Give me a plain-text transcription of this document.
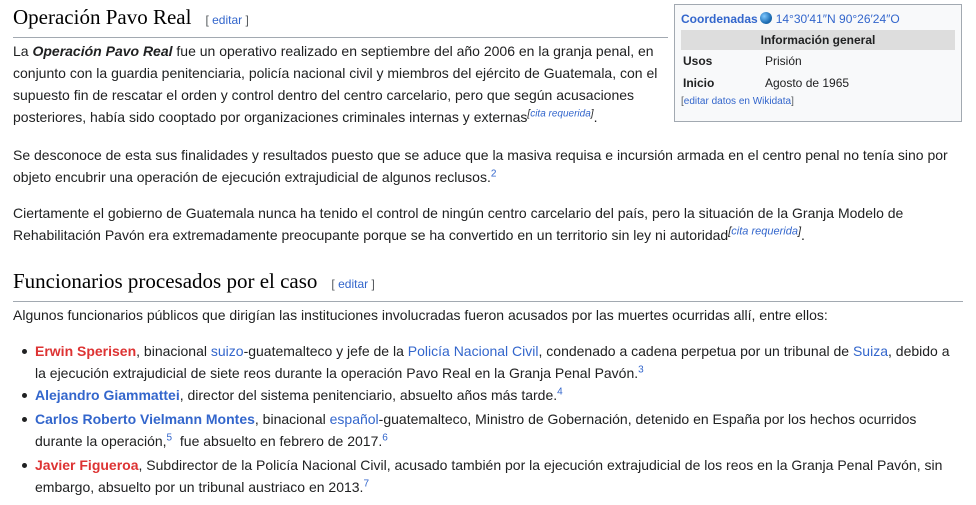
Operación Pavo Real [ editar ]

La Operación Pavo Real fue un operativo realizado en septiembre del año 2006 en la granja penal, en conjunto con la guardia penitenciaria, policía nacional civil y miembros del ejército de Guatemala, con el supuesto fin de rescatar el orden y control dentro del centro carcelario, pero que según acusaciones posteriores, había sido cooptado por organizaciones criminales internas y externas[cita requerida].

Se desconoce de esta sus finalidades y resultados puesto que se aduce que la masiva requisa e incursión armada en el centro penal no tenía sino por objeto encubrir una operación de ejecución extrajudicial de algunos reclusos.$^2$

Ciertamente el gobierno de Guatemala nunca ha tenido el control de ningún centro carcelario del país, pero la situación de la Granja Modelo de Rehabilitación Pavón era extremadamente preocupante porque se ha convertido en un territorio sin ley ni autoridad[cita requerida].

Funcionarios procesados por el caso [ editar ]

Algunos funcionarios públicos que dirigían las instituciones involucradas fueron acusados por las muertes ocurridas allí, entre ellos:

Erwin Sperisen, binacional suizo-guatemalteco y jefe de la Policía Nacional Civil, condenado a cadena perpetua por un tribunal de Suiza, debido a la ejecución extrajudicial de siete reos durante la operación Pavo Real en la Granja Penal Pavón.$^3$
Alejandro Giammattei, director del sistema penitenciario, absuelto años más tarde.$^4$
Carlos Roberto Vielmann Montes, binacional español-guatemalteco, Ministro de Gobernación, detenido en España por los hechos ocurridos durante la operación,$^5$  fue absuelto en febrero de 2017.$^6$
Javier Figueroa, Subdirector de la Policía Nacional Civil, acusado también por la ejecución extrajudicial de los reos en la Granja Penal Pavón, sin embargo, absuelto por un tribunal austriaco en 2013.$^7$
Coordenadas 14°30′41″N 90°26′24″O
Información general
Usos	Prisión
Inicio	Agosto de 1965
[editar datos en Wikidata]
